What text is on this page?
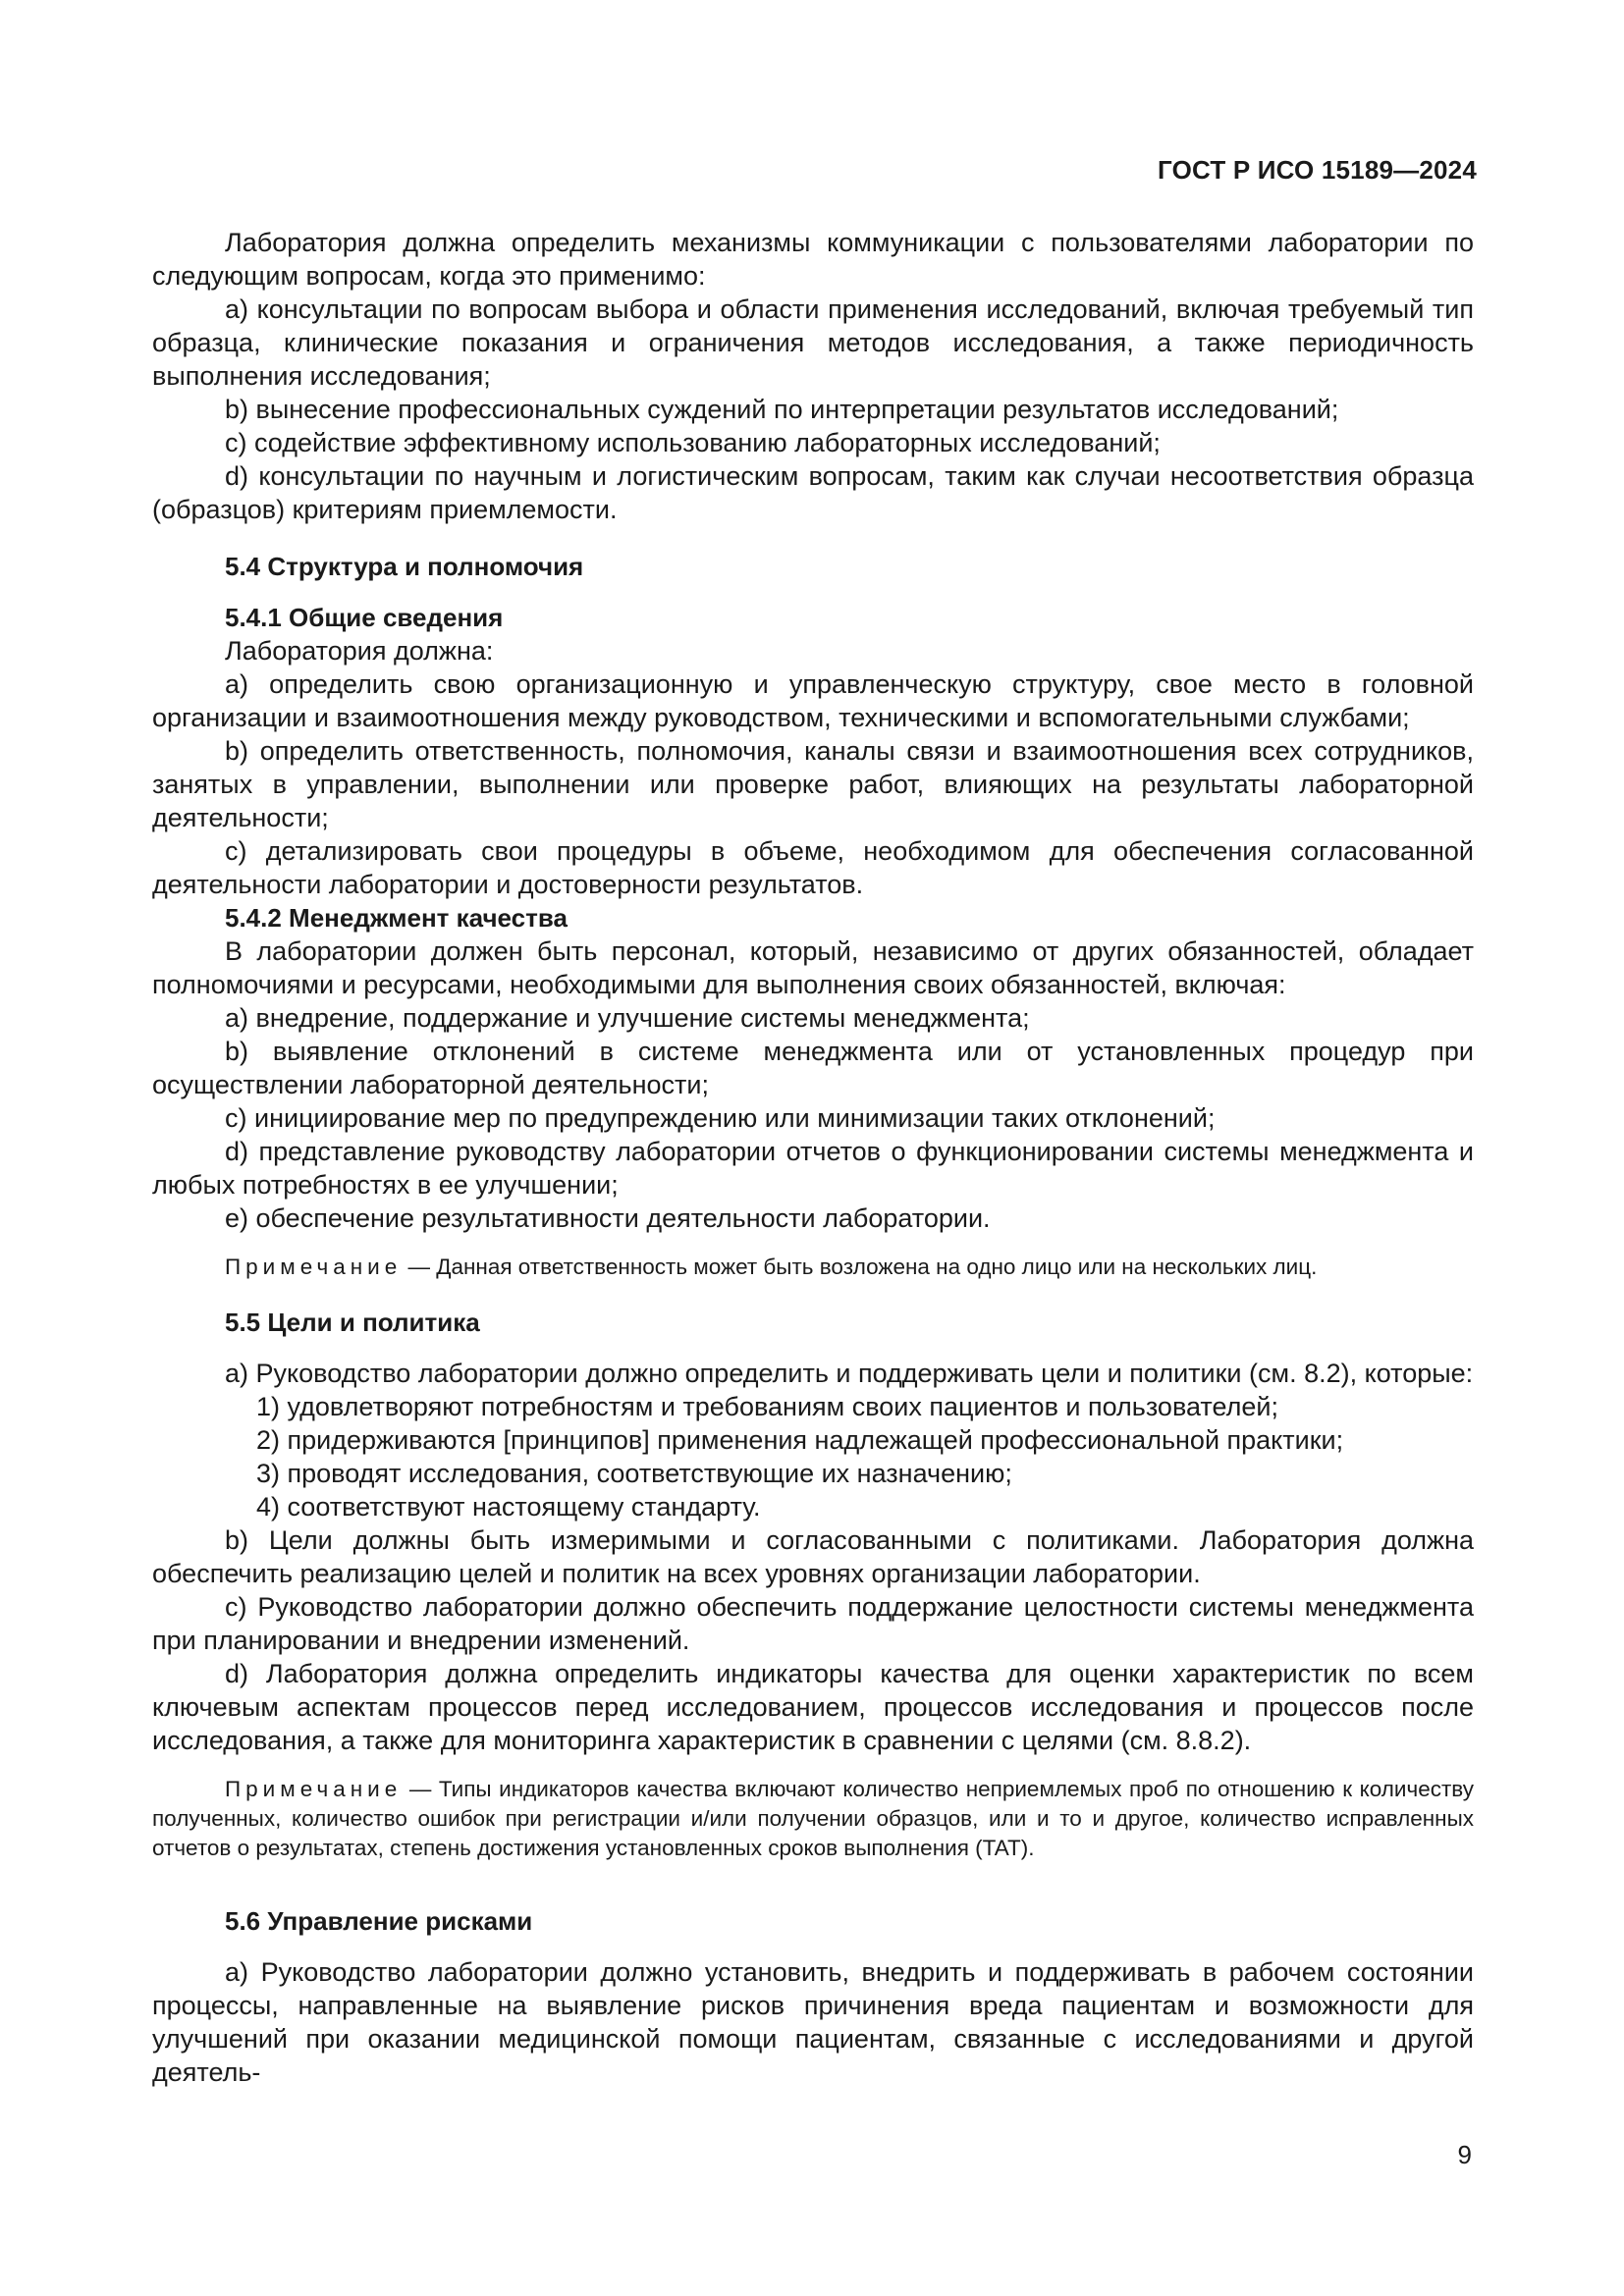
ГОСТ Р ИСО 15189—2024

Лаборатория должна определить механизмы коммуникации с пользователями лаборатории по следующим вопросам, когда это применимо:

a) консультации по вопросам выбора и области применения исследований, включая требуемый тип образца, клинические показания и ограничения методов исследования, а также периодичность выполнения исследования;

b) вынесение профессиональных суждений по интерпретации результатов исследований;

c) содействие эффективному использованию лабораторных исследований;

d) консультации по научным и логистическим вопросам, таким как случаи несоответствия образца (образцов) критериям приемлемости.

5.4 Структура и полномочия
5.4.1 Общие сведения

Лаборатория должна:

a) определить свою организационную и управленческую структуру, свое место в головной организации и взаимоотношения между руководством, техническими и вспомогательными службами;

b) определить ответственность, полномочия, каналы связи и взаимоотношения всех сотрудников, занятых в управлении, выполнении или проверке работ, влияющих на результаты лабораторной деятельности;

c) детализировать свои процедуры в объеме, необходимом для обеспечения согласованной деятельности лаборатории и достоверности результатов.

5.4.2 Менеджмент качества

В лаборатории должен быть персонал, который, независимо от других обязанностей, обладает полномочиями и ресурсами, необходимыми для выполнения своих обязанностей, включая:

a) внедрение, поддержание и улучшение системы менеджмента;

b) выявление отклонений в системе менеджмента или от установленных процедур при осуществлении лабораторной деятельности;

c) инициирование мер по предупреждению или минимизации таких отклонений;

d) представление руководству лаборатории отчетов о функционировании системы менеджмента и любых потребностях в ее улучшении;

e) обеспечение результативности деятельности лаборатории.

Примечание — Данная ответственность может быть возложена на одно лицо или на нескольких лиц.

5.5 Цели и политика

a) Руководство лаборатории должно определить и поддерживать цели и политики (см. 8.2), которые:

1) удовлетворяют потребностям и требованиям своих пациентов и пользователей;

2) придерживаются [принципов] применения надлежащей профессиональной практики;

3) проводят исследования, соответствующие их назначению;

4) соответствуют настоящему стандарту.

b) Цели должны быть измеримыми и согласованными с политиками. Лаборатория должна обеспечить реализацию целей и политик на всех уровнях организации лаборатории.

c) Руководство лаборатории должно обеспечить поддержание целостности системы менеджмента при планировании и внедрении изменений.

d) Лаборатория должна определить индикаторы качества для оценки характеристик по всем ключевым аспектам процессов перед исследованием, процессов исследования и процессов после исследования, а также для мониторинга характеристик в сравнении с целями (см. 8.8.2).

Примечание — Типы индикаторов качества включают количество неприемлемых проб по отношению к количеству полученных, количество ошибок при регистрации и/или получении образцов, или и то и другое, количество исправленных отчетов о результатах, степень достижения установленных сроков выполнения (TAT).

5.6 Управление рисками

a) Руководство лаборатории должно установить, внедрить и поддерживать в рабочем состоянии процессы, направленные на выявление рисков причинения вреда пациентам и возможности для улучшений при оказании медицинской помощи пациентам, связанные с исследованиями и другой деятель-

9
